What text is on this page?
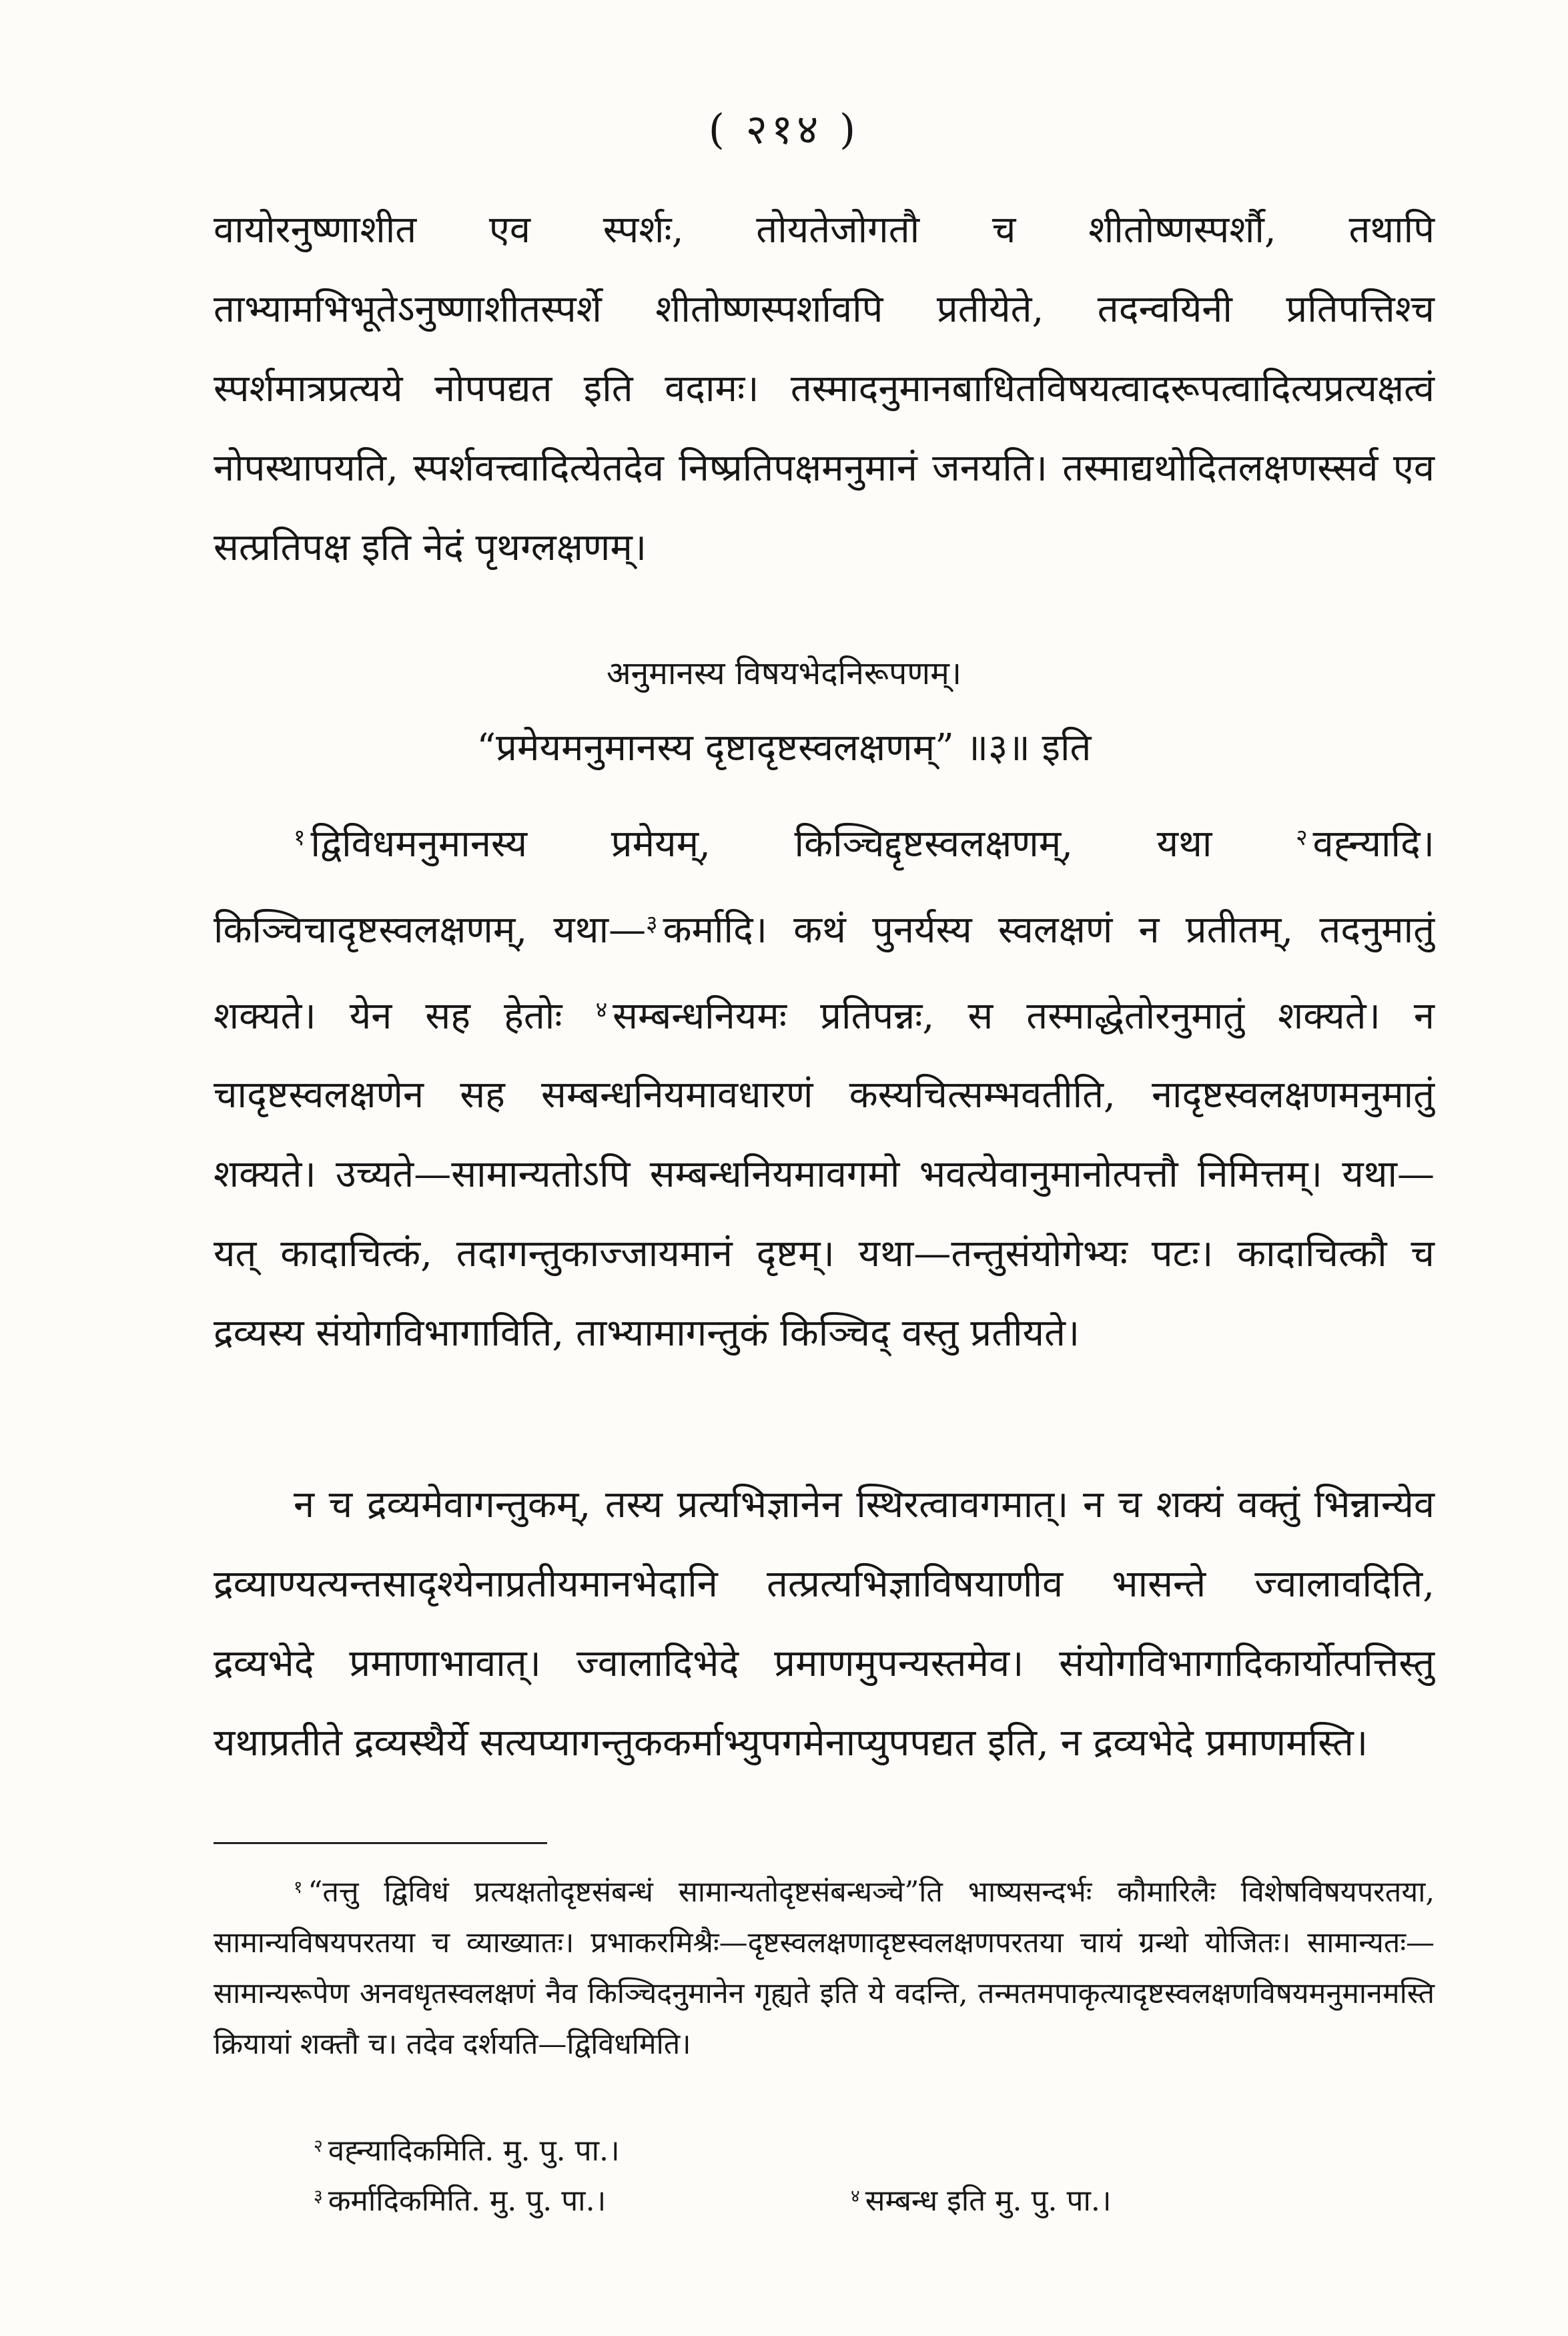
( २१४ )
वायोरनुष्णाशीत एव स्पर्शः, तोयतेजोगतौ च शीतोष्णस्पर्शौ, तथापि ताभ्यामभिभूतेऽनुष्णाशीतस्पर्शे शीतोष्णस्पर्शावपि प्रतीयेते, तदन्वयिनी प्रतिपत्तिश्च स्पर्शमात्रप्रत्यये नोपपद्यत इति वदामः। तस्मादनुमानबाधितविषयत्वादरूपत्वादित्यप्रत्यक्षत्वं नोपस्थापयति, स्पर्शवत्त्वादित्येतदेव निष्प्रतिपक्षमनुमानं जनयति। तस्माद्यथोदितलक्षणस्सर्व एव सत्प्रतिपक्ष इति नेदं पृथग्लक्षणम्।
अनुमानस्य विषयभेदनिरूपणम्।
“प्रमेयमनुमानस्य दृष्टादृष्टस्वलक्षणम्” ॥३॥ इति
$^१$ द्विविधमनुमानस्य प्रमेयम्, किञ्चिद्दृष्टस्वलक्षणम्, यथा $^२$ वह्न्यादि। किञ्चिचादृष्टस्वलक्षणम्, यथा—$^३$ कर्मादि। कथं पुनर्यस्य स्वलक्षणं न प्रतीतम्, तदनुमातुं शक्यते। येन सह हेतोः $^४$ सम्बन्धनियमः प्रतिपन्नः, स तस्माद्धेतोरनुमातुं शक्यते। न चादृष्टस्वलक्षणेन सह सम्बन्धनियमावधारणं कस्यचित्सम्भवतीति, नादृष्टस्वलक्षणमनुमातुं शक्यते। उच्यते—सामान्यतोऽपि सम्बन्धनियमावगमो भवत्येवानुमानोत्पत्तौ निमित्तम्। यथा—यत् कादाचित्कं, तदागन्तुकाज्जायमानं दृष्टम्। यथा—तन्तुसंयोगेभ्यः पटः। कादाचित्कौ च द्रव्यस्य संयोगविभागाविति, ताभ्यामागन्तुकं किञ्चिद् वस्तु प्रतीयते।
न च द्रव्यमेवागन्तुकम्, तस्य प्रत्यभिज्ञानेन स्थिरत्वावगमात्। न च शक्यं वक्तुं भिन्नान्येव द्रव्याण्यत्यन्तसादृश्येनाप्रतीयमानभेदानि तत्प्रत्यभिज्ञाविषयाणीव भासन्ते ज्वालावदिति, द्रव्यभेदे प्रमाणाभावात्। ज्वालादिभेदे प्रमाणमुपन्यस्तमेव। संयोगविभागादिकार्योत्पत्तिस्तु यथाप्रतीते द्रव्यस्थैर्ये सत्यप्यागन्तुककर्माभ्युपगमेनाप्युपपद्यत इति, न द्रव्यभेदे प्रमाणमस्ति।
$^१$ “तत्तु द्विविधं प्रत्यक्षतोदृष्टसंबन्धं सामान्यतोदृष्टसंबन्धञ्चे”ति भाष्यसन्दर्भः कौमारिलैः विशेषविषयपरतया, सामान्यविषयपरतया च व्याख्यातः। प्रभाकरमिश्रैः—दृष्टस्वलक्षणादृष्टस्वलक्षणपरतया चायं ग्रन्थो योजितः। सामान्यतः—सामान्यरूपेण अनवधृतस्वलक्षणं नैव किञ्चिदनुमानेन गृह्यते इति ये वदन्ति, तन्मतमपाकृत्यादृष्टस्वलक्षणविषयमनुमानमस्ति क्रियायां शक्तौ च। तदेव दर्शयति—द्विविधमिति।
$^२$ वह्न्यादिकमिति. मु. पु. पा.।
$^३$ कर्मादिकमिति. मु. पु. पा.।	$^४$ सम्बन्ध इति मु. पु. पा.।
